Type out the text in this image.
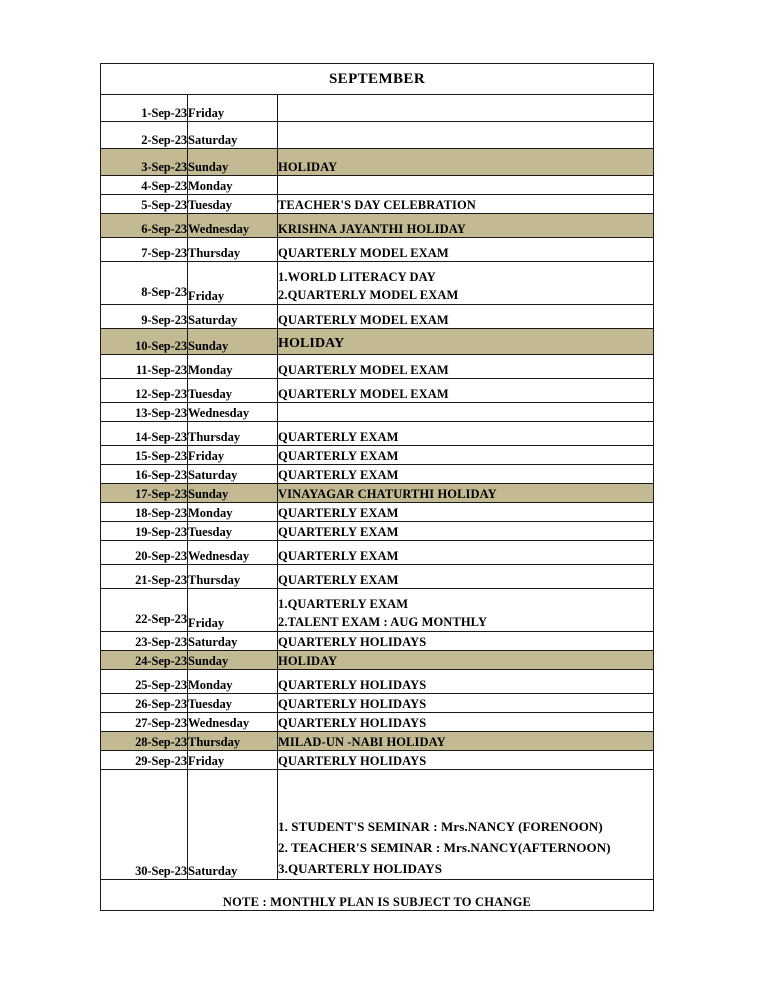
SEPTEMBER		
1-Sep-23	Friday	
2-Sep-23	Saturday	
3-Sep-23	Sunday	HOLIDAY
4-Sep-23	Monday	
5-Sep-23	Tuesday	TEACHER'S DAY CELEBRATION
6-Sep-23	Wednesday	KRISHNA JAYANTHI HOLIDAY
7-Sep-23	Thursday	QUARTERLY MODEL EXAM
8-Sep-23	Friday	1.WORLD LITERACY DAY
2.QUARTERLY MODEL EXAM

9-Sep-23	Saturday	QUARTERLY MODEL EXAM
10-Sep-23	Sunday	HOLIDAY
11-Sep-23	Monday	QUARTERLY MODEL EXAM
12-Sep-23	Tuesday	QUARTERLY MODEL EXAM
13-Sep-23	Wednesday	
14-Sep-23	Thursday	QUARTERLY EXAM
15-Sep-23	Friday	QUARTERLY EXAM
16-Sep-23	Saturday	QUARTERLY EXAM
17-Sep-23	Sunday	VINAYAGAR CHATURTHI HOLIDAY
18-Sep-23	Monday	QUARTERLY EXAM
19-Sep-23	Tuesday	QUARTERLY EXAM
20-Sep-23	Wednesday	QUARTERLY EXAM
21-Sep-23	Thursday	QUARTERLY EXAM
22-Sep-23	Friday	1.QUARTERLY EXAM
2.TALENT EXAM : AUG MONTHLY

23-Sep-23	Saturday	QUARTERLY HOLIDAYS
24-Sep-23	Sunday	HOLIDAY
25-Sep-23	Monday	QUARTERLY HOLIDAYS
26-Sep-23	Tuesday	QUARTERLY HOLIDAYS
27-Sep-23	Wednesday	QUARTERLY HOLIDAYS
28-Sep-23	Thursday	MILAD-UN -NABI HOLIDAY
29-Sep-23	Friday	QUARTERLY HOLIDAYS
30-Sep-23	Saturday	1. STUDENT'S SEMINAR : Mrs.NANCY (FORENOON)
2. TEACHER'S SEMINAR : Mrs.NANCY(AFTERNOON)
3.QUARTERLY HOLIDAYS

NOTE : MONTHLY PLAN IS SUBJECT TO CHANGE		
